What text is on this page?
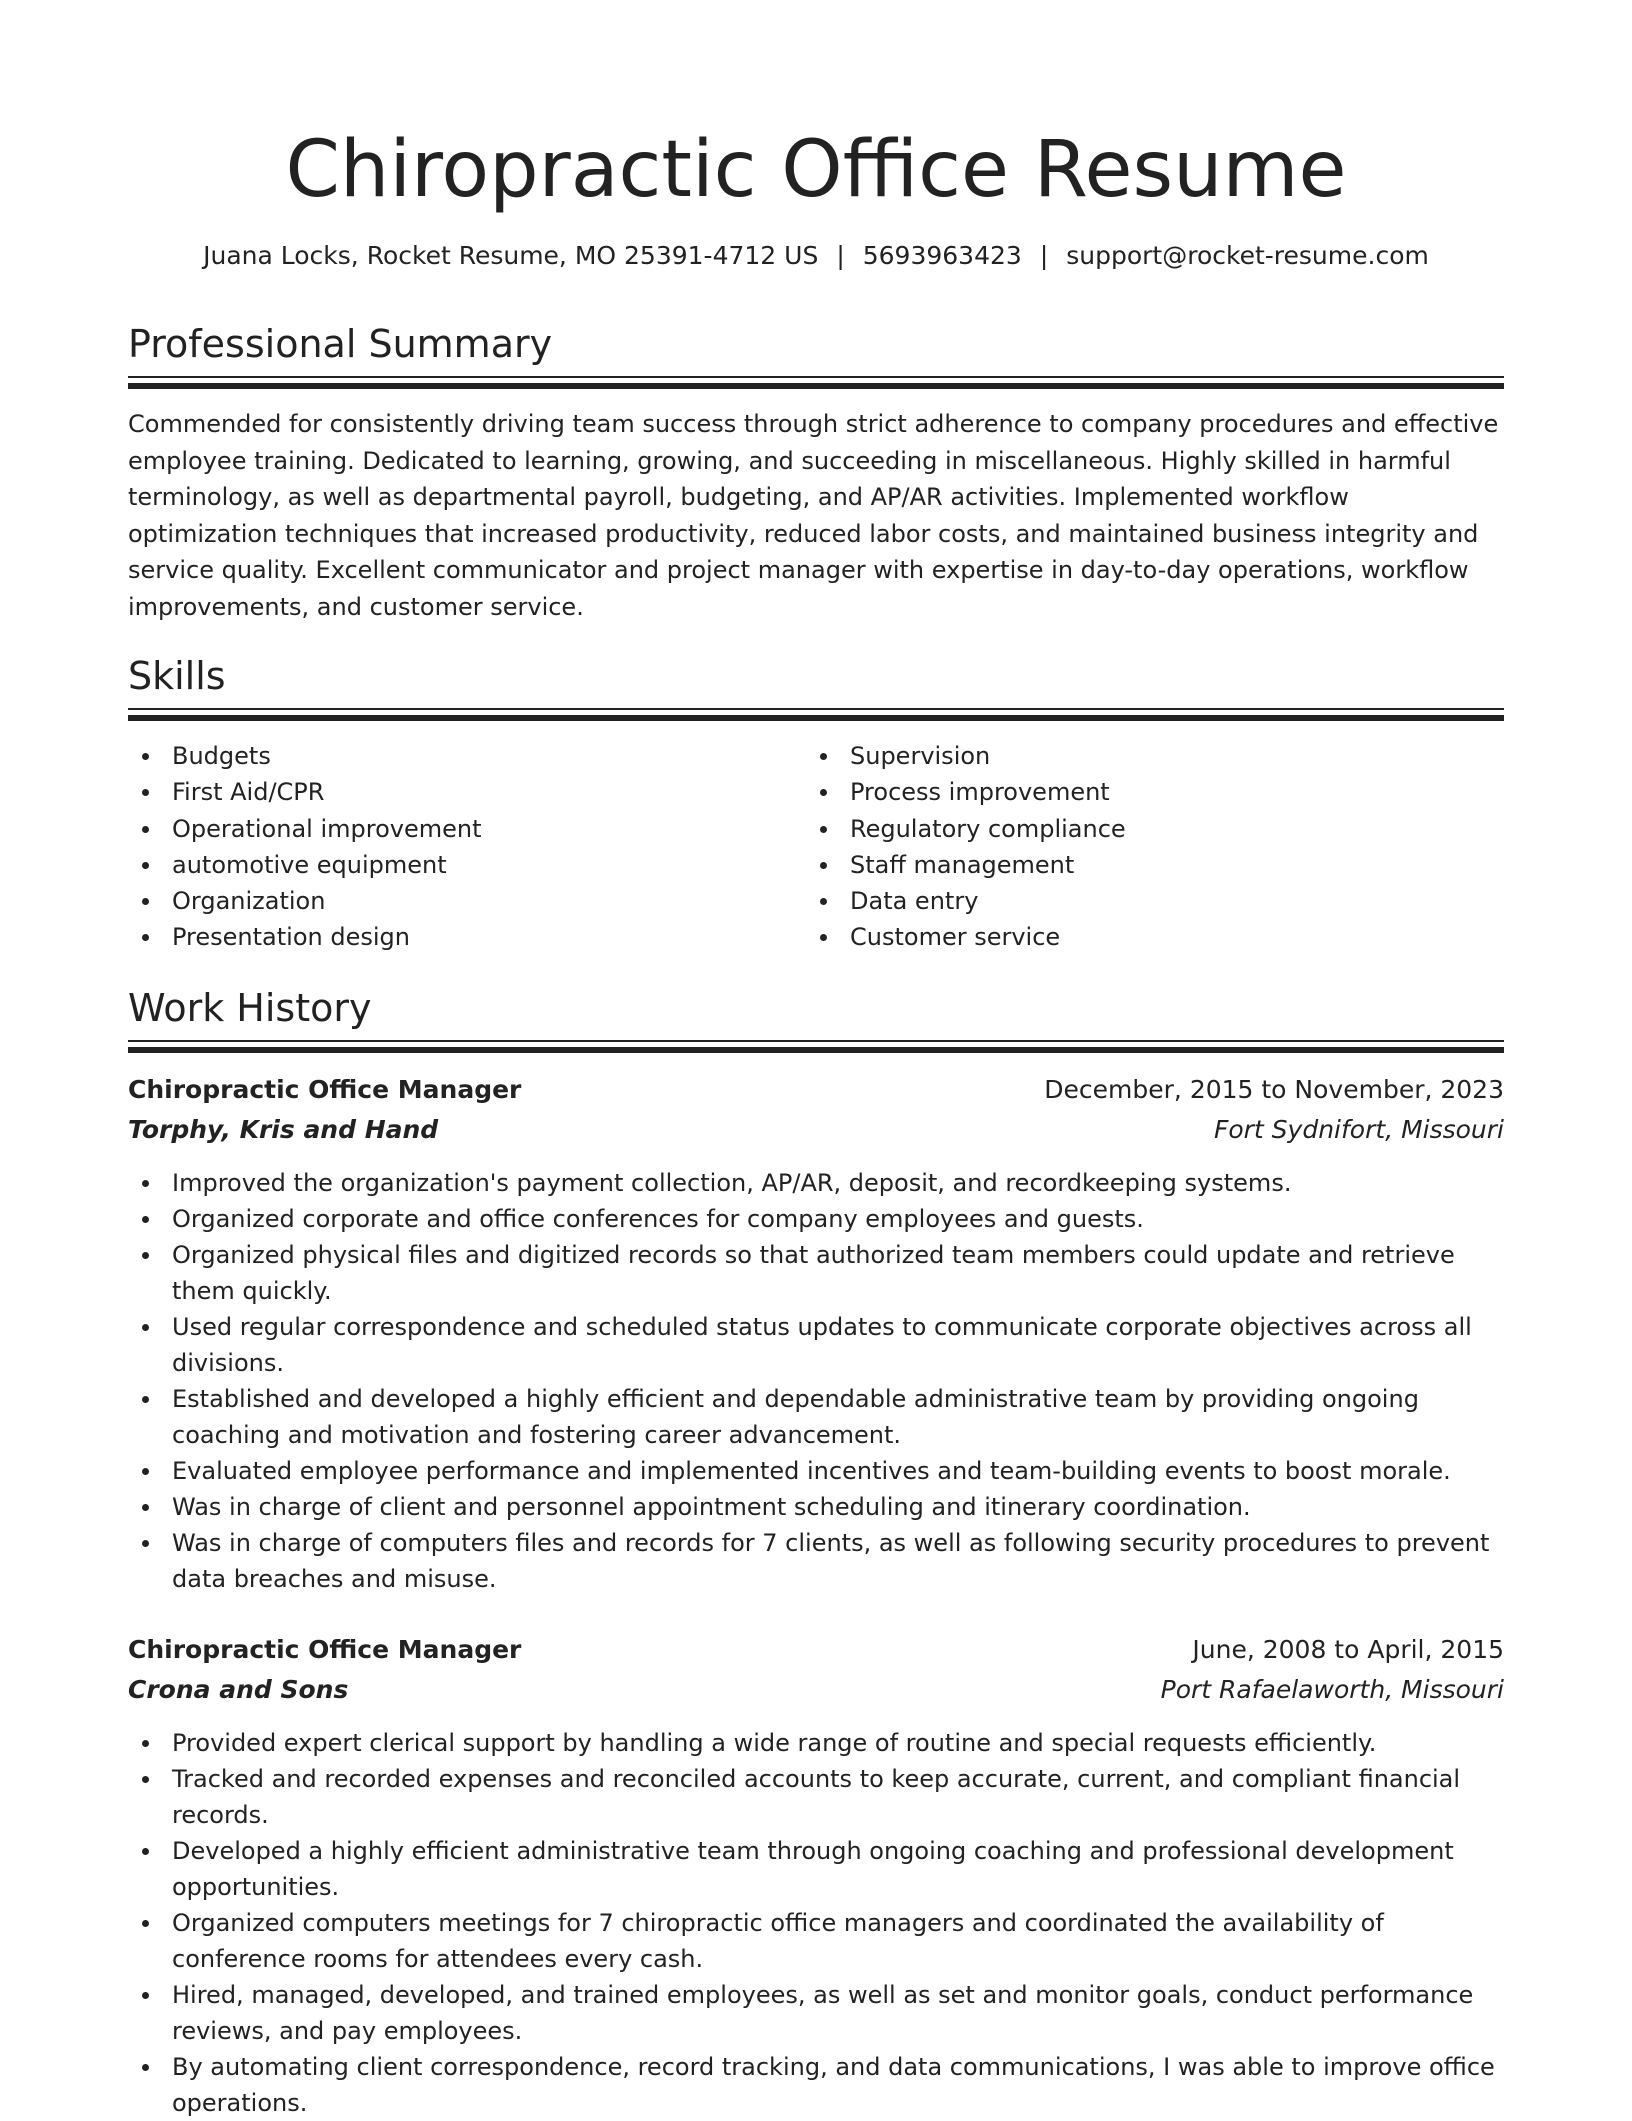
Chiropractic Office Resume
Juana Locks, Rocket Resume, MO 25391-4712 US | 5693963423 | support@rocket-resume.com
Professional Summary

Commended for consistently driving team success through strict adherence to company procedures and effective employee training. Dedicated to learning, growing, and succeeding in miscellaneous. Highly skilled in harmful terminology, as well as departmental payroll, budgeting, and AP/AR activities. Implemented workflow optimization techniques that increased productivity, reduced labor costs, and maintained business integrity and service quality. Excellent communicator and project manager with expertise in day-to-day operations, workflow improvements, and customer service.

Skills
Budgets
First Aid/CPR
Operational improvement
automotive equipment
Organization
Presentation design
Supervision
Process improvement
Regulatory compliance
Staff management
Data entry
Customer service
Work History
Chiropractic Office Manager	December, 2015 to November, 2023
Torphy, Kris and Hand	Fort Sydnifort, Missouri
Improved the organization's payment collection, AP/AR, deposit, and recordkeeping systems.
Organized corporate and office conferences for company employees and guests.
Organized physical files and digitized records so that authorized team members could update and retrieve them quickly.
Used regular correspondence and scheduled status updates to communicate corporate objectives across all divisions.
Established and developed a highly efficient and dependable administrative team by providing ongoing coaching and motivation and fostering career advancement.
Evaluated employee performance and implemented incentives and team-building events to boost morale.
Was in charge of client and personnel appointment scheduling and itinerary coordination.
Was in charge of computers files and records for 7 clients, as well as following security procedures to prevent data breaches and misuse.
Chiropractic Office Manager	June, 2008 to April, 2015
Crona and Sons	Port Rafaelaworth, Missouri
Provided expert clerical support by handling a wide range of routine and special requests efficiently.
Tracked and recorded expenses and reconciled accounts to keep accurate, current, and compliant financial records.
Developed a highly efficient administrative team through ongoing coaching and professional development opportunities.
Organized computers meetings for 7 chiropractic office managers and coordinated the availability of conference rooms for attendees every cash.
Hired, managed, developed, and trained employees, as well as set and monitor goals, conduct performance reviews, and pay employees.
By automating client correspondence, record tracking, and data communications, I was able to improve office operations.
